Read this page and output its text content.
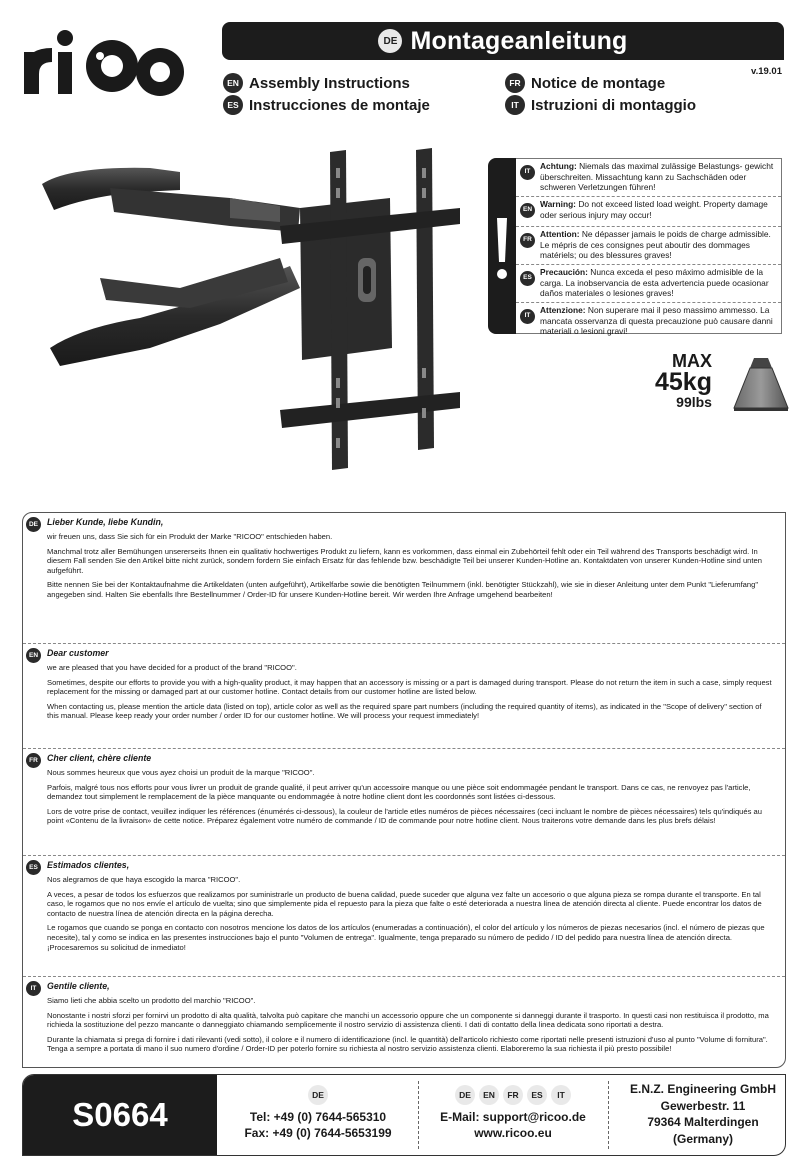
DE Montageanleitung
v.19.01
EN Assembly Instructions	FR Notice de montage
ES Instrucciones de montaje	IT Istruzioni di montaggio
IT
Achtung: Niemals das maximal zulässige Belastungs- gewicht überschreiten. Missachtung kann zu Sachschäden oder schweren Verletzungen führen!
EN
Warning: Do not exceed listed load weight. Property damage oder serious injury may occur!
FR
Attention: Ne dépasser jamais le poids de charge admissible. Le mépris de ces consignes peut aboutir des dommages matériels; ou des blessures graves!
ES
Precaución: Nunca exceda el peso máximo admisible de la carga. La inobservancia de esta advertencia puede ocasionar daños materiales o lesiones graves!
IT
Attenzione: Non superare mai il peso massimo ammesso. La mancata osservanza di questa precauzione può causare danni materiali o lesioni gravi!
MAX
45kg
99lbs
DE	Lieber Kunde, liebe Kundin,

wir freuen uns, dass Sie sich für ein Produkt der Marke "RICOO" entschieden haben.

Manchmal trotz aller Bemühungen unsererseits Ihnen ein qualitativ hochwertiges Produkt zu liefern, kann es vorkommen, dass einmal ein Zubehörteil fehlt oder ein Teil während des Transports beschädigt wird. In diesem Fall senden Sie den Artikel bitte nicht zurück, sondern fordern Sie einfach Ersatz für das fehlende bzw. beschädigte Teil bei unserer Kunden-Hotline an. Kontaktdaten von unserer Kunden-Hotline sind unten aufgeführt.

Bitte nennen Sie bei der Kontaktaufnahme die Artikeldaten (unten aufgeführt), Artikelfarbe sowie die benötigten Teilnummern (inkl. benötigter Stückzahl), wie sie in dieser Anleitung unter dem Punkt "Lieferumfang" angegeben sind. Halten Sie ebenfalls Ihre Bestellnummer / Order-ID für unsere Kunden-Hotline bereit. Wir werden Ihre Anfrage umgehend bearbeiten!

EN	Dear customer

we are pleased that you have decided for a product of the brand "RICOO".

Sometimes, despite our efforts to provide you with a high-quality product, it may happen that an accessory is missing or a part is damaged during transport. Please do not return the item in such a case, simply request replacement for the missing or damaged part at our customer hotline. Contact details from our customer hotline are listed below.

When contacting us, please mention the article data (listed on top), article color as well as the required spare part numbers (including the required quantity of items), as indicated in the "Scope of delivery" section of this manual. Please keep ready your order number / order ID for our customer hotline. We will process your request immediately!

FR	Cher client, chère cliente

Nous sommes heureux que vous ayez choisi un produit de la marque "RICOO".

Parfois, malgré tous nos efforts pour vous livrer un produit de grande qualité, il peut arriver qu'un accessoire manque ou une pièce soit endommagée pendant le transport. Dans ce cas, ne renvoyez pas l'article, demandez tout simplement le remplacement de la pièce manquante ou endommagée à notre hotline client dont les coordonnés sont listées ci-dessous.

Lors de votre prise de contact, veuillez indiquer les références (énumérés ci-dessous), la couleur de l'article etles numéros de pièces nécessaires (ceci incluant le nombre de pièces nécessaires) tels qu'indiqués au point «Contenu de la livraison» de cette notice. Préparez également votre numéro de commande / ID de commande pour notre hotline client. Nous traiterons votre demande dans les plus brefs délais!

ES	Estimados clientes,

Nos alegramos de que haya escogido la marca "RICOO".

A veces, a pesar de todos los esfuerzos que realizamos por suministrarle un producto de buena calidad, puede suceder que alguna vez falte un accesorio o que alguna pieza se rompa durante el transporte. En tal caso, le rogamos que no nos envíe el artículo de vuelta; sino que simplemente pida el repuesto para la pieza que falte o esté deteriorada a nuestra línea de atención directa al cliente. Puede encontrar los datos de contacto de nuestra línea de atención directa en la página derecha.

Le rogamos que cuando se ponga en contacto con nosotros mencione los datos de los artículos (enumeradas a continuación), el color del artículo y los números de piezas necesarios (incl. el número de piezas que necesite), tal y como se indica en las presentes instrucciones bajo el punto "Volumen de entrega". Igualmente, tenga preparado su número de pedido / ID del pedido para nuestra línea de atención directa. ¡Procesaremos su solicitud de inmediato!

IT	Gentile cliente,

Siamo lieti che abbia scelto un prodotto del marchio "RICOO".

Nonostante i nostri sforzi per fornirvi un prodotto di alta qualità, talvolta può capitare che manchi un accessorio oppure che un componente si danneggi durante il trasporto. In questi casi non restituisca il prodotto, ma richieda la sostituzione del pezzo mancante o danneggiato chiamando semplicemente il nostro servizio di assistenza clienti. I dati di contatto della linea dedicata sono riportati a destra.

Durante la chiamata si prega di fornire i dati rilevanti (vedi sotto), il colore e il numero di identificazione (incl. le quantità) dell'articolo richiesto come riportati nelle presenti istruzioni d'uso al punto "Volume di fornitura". Tenga a sempre a portata di mano il suo numero d'ordine / Order-ID per poterlo fornire su richiesta al nostro servizio assistenza clienti. Elaboreremo la sua richiesta il più presto possibile!

S0664
DE
Tel: +49 (0) 7644-565310
Fax: +49 (0) 7644-5653199
DE	EN	FR	ES	IT
E-Mail: support@ricoo.de
www.ricoo.eu
E.N.Z. Engineering GmbH
Gewerbestr. 11
79364 Malterdingen
(Germany)
